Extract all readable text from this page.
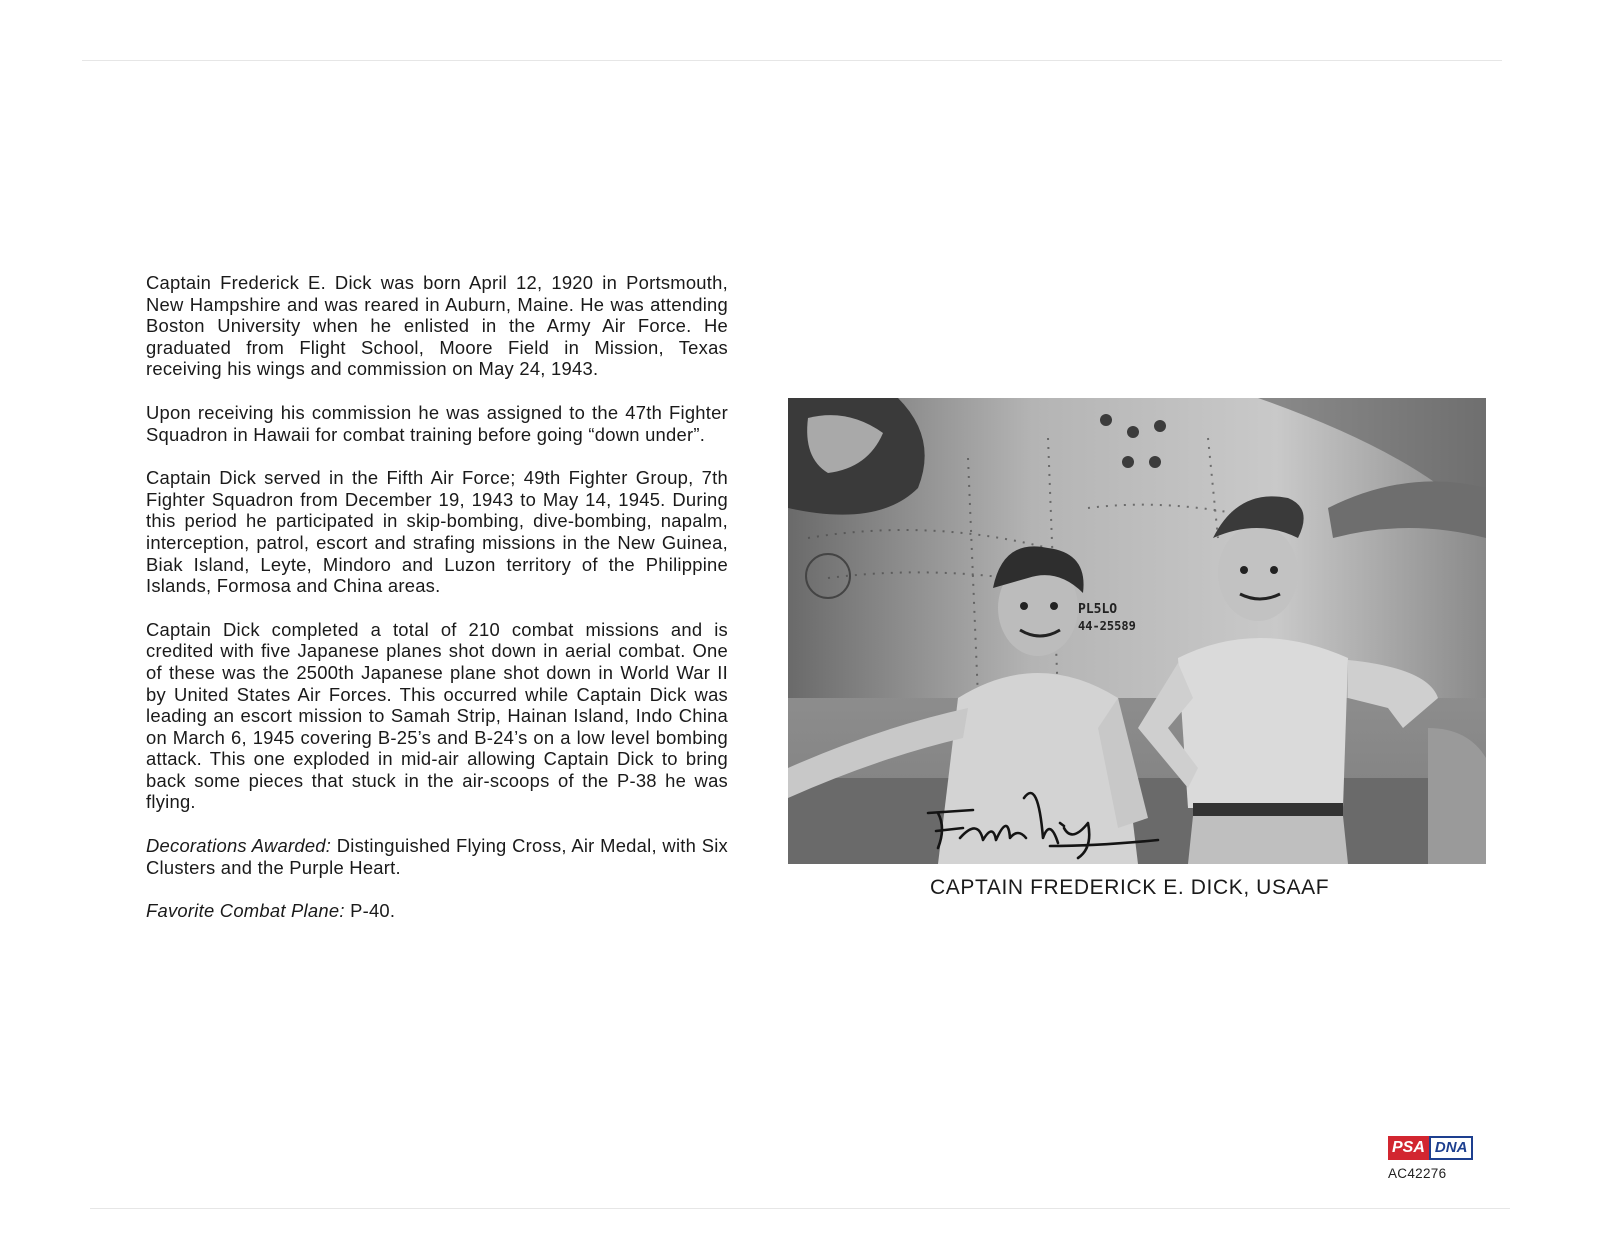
Captain Frederick E. Dick was born April 12, 1920 in Portsmouth, New Hampshire and was reared in Auburn, Maine. He was attending Boston University when he enlisted in the Army Air Force. He graduated from Flight School, Moore Field in Mission, Texas receiving his wings and commission on May 24, 1943.

Upon receiving his commission he was assigned to the 47th Fighter Squadron in Hawaii for combat training before going “down under”.

Captain Dick served in the Fifth Air Force; 49th Fighter Group, 7th Fighter Squadron from December 19, 1943 to May 14, 1945. During this period he participated in skip-bombing, dive-bombing, napalm, interception, patrol, escort and strafing missions in the New Guinea, Biak Island, Leyte, Mindoro and Luzon territory of the Philippine Islands, Formosa and China areas.

Captain Dick completed a total of 210 combat missions and is credited with five Japanese planes shot down in aerial combat. One of these was the 2500th Japanese plane shot down in World War II by United States Air Forces. This occurred while Captain Dick was leading an escort mission to Samah Strip, Hainan Island, Indo China on March 6, 1945 covering B-25’s and B-24’s on a low level bombing attack. This one exploded in mid-air allowing Captain Dick to bring back some pieces that stuck in the air-scoops of the P-38 he was flying.

Decorations Awarded: Distinguished Flying Cross, Air Medal, with Six Clusters and the Purple Heart.

Favorite Combat Plane: P-40.

PL5LO
44-25589
CAPTAIN FREDERICK E. DICK, USAAF
PSA DNA
AC42276
